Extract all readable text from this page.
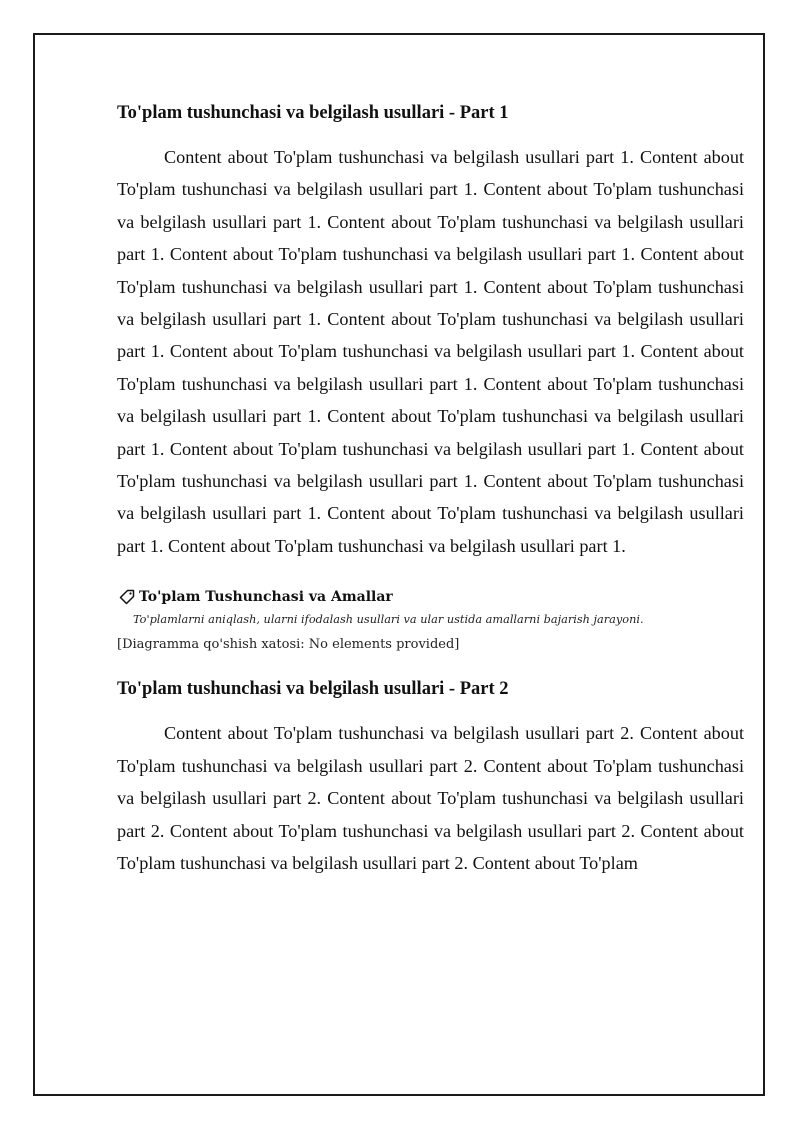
To'plam tushunchasi va belgilash usullari - Part 1

Content about To'plam tushunchasi va belgilash usullari part 1. Content about To'plam tushunchasi va belgilash usullari part 1. Content about To'plam tushunchasi va belgilash usullari part 1. Content about To'plam tushunchasi va belgilash usullari part 1. Content about To'plam tushunchasi va belgilash usullari part 1. Content about To'plam tushunchasi va belgilash usullari part 1. Content about To'plam tushunchasi va belgilash usullari part 1. Content about To'plam tushunchasi va belgilash usullari part 1. Content about To'plam tushunchasi va belgilash usullari part 1. Content about To'plam tushunchasi va belgilash usullari part 1. Content about To'plam tushunchasi va belgilash usullari part 1. Content about To'plam tushunchasi va belgilash usullari part 1. Content about To'plam tushunchasi va belgilash usullari part 1. Content about To'plam tushunchasi va belgilash usullari part 1. Content about To'plam tushunchasi va belgilash usullari part 1. Content about To'plam tushunchasi va belgilash usullari part 1. Content about To'plam tushunchasi va belgilash usullari part 1.

To'plam Tushunchasi va Amallar

To'plamlarni aniqlash, ularni ifodalash usullari va ular ustida amallarni bajarish jarayoni.

[Diagramma qo'shish xatosi: No elements provided]

To'plam tushunchasi va belgilash usullari - Part 2

Content about To'plam tushunchasi va belgilash usullari part 2. Content about To'plam tushunchasi va belgilash usullari part 2. Content about To'plam tushunchasi va belgilash usullari part 2. Content about To'plam tushunchasi va belgilash usullari part 2. Content about To'plam tushunchasi va belgilash usullari part 2. Content about To'plam tushunchasi va belgilash usullari part 2. Content about To'plam
